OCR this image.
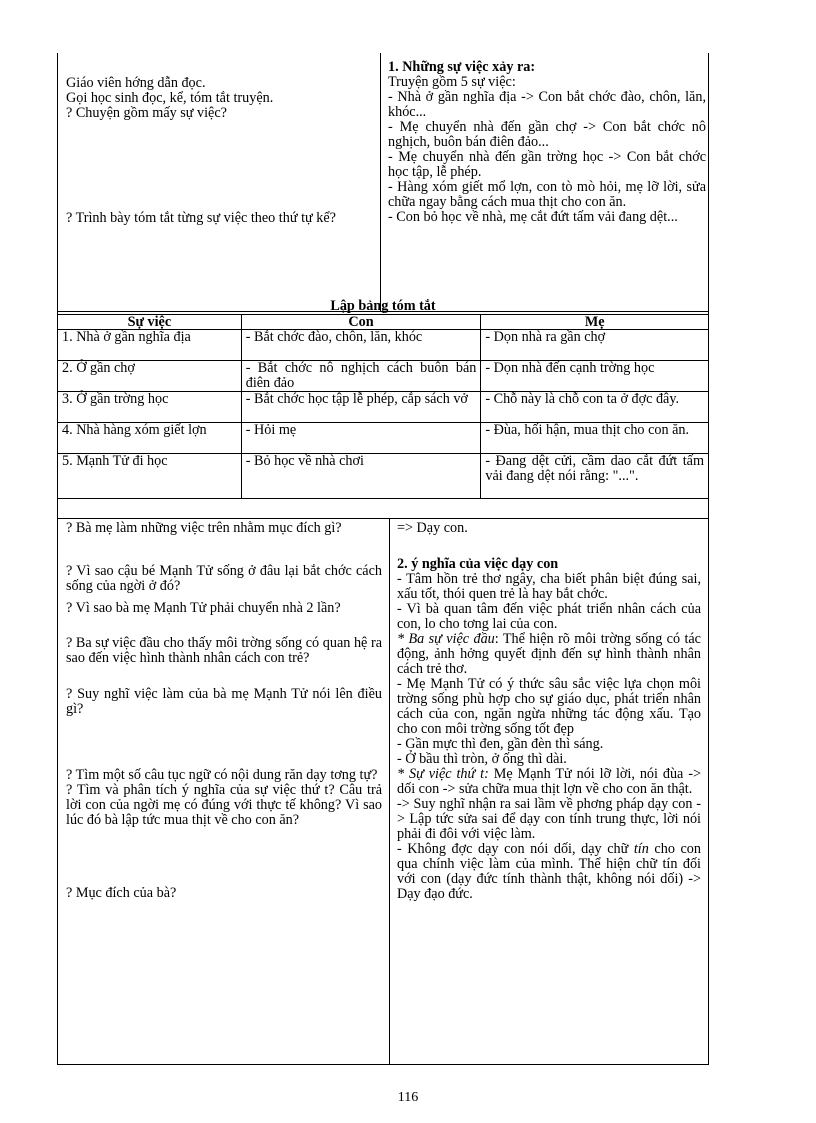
Giáo viên hớng dẫn đọc.

Gọi học sinh đọc, kể, tóm tắt truyện.

? Chuyện gồm mấy sự việc?

? Trình bày tóm tắt từng sự việc theo thứ tự kể?

1. Những sự việc xảy ra:

Truyện gồm 5 sự việc:

- Nhà ở gần nghĩa địa -> Con bắt chớc đào, chôn, lăn, khóc...

- Mẹ chuyển nhà đến gần chợ -> Con bắt chớc nô nghịch, buôn bán điên đảo...

- Mẹ chuyển nhà đến gần trờng học -> Con bắt chớc học tập, lễ phép.

- Hàng xóm giết mổ lợn, con tò mò hỏi, mẹ lỡ lời, sửa chữa ngay bằng cách mua thịt cho con ăn.

- Con bỏ học về nhà, mẹ cắt đứt tấm vải đang dệt...

Lập bảng tóm tắt
Sự việc	Con	Mẹ
1. Nhà ở gần nghĩa địa	- Bắt chớc đào, chôn, lăn, khóc	- Dọn nhà ra gần chợ
2. Ở gần chợ	- Bắt chớc nô nghịch cách buôn bán điên đảo	- Dọn nhà đến cạnh trờng học
3. Ở gần trờng học	- Bắt chớc học tập lễ phép, cắp sách vở	- Chỗ này là chỗ con ta ở đợc đây.
4. Nhà hàng xóm giết lợn	- Hỏi mẹ	- Đùa, hối hận, mua thịt cho con ăn.
5. Mạnh Tử đi học	- Bỏ học về nhà chơi	- Đang dệt cửi, cầm dao cắt đứt tấm vải đang dệt nói rằng: "...".

? Bà mẹ làm những việc trên nhằm mục đích gì?

? Vì sao cậu bé Mạnh Tử sống ở đâu lại bắt chớc cách sống của ngời ở đó?

? Vì sao bà mẹ Mạnh Tử phải chuyển nhà 2 lần?

? Ba sự việc đầu cho thấy môi trờng sống có quan hệ ra sao đến việc hình thành nhân cách con trẻ?

? Suy nghĩ việc làm của bà mẹ Mạnh Tử nói lên điều gì?

? Tìm một số câu tục ngữ có nội dung răn dạy tơng tự?

? Tìm và phân tích ý nghĩa của sự việc thứ t? Câu trả lời con của ngời mẹ có đúng với thực tế không? Vì sao lúc đó bà lập tức mua thịt về cho con ăn?

? Mục đích của bà?

=> Dạy con.

2. ý nghĩa của việc dạy con

- Tâm hồn trẻ thơ ngây, cha biết phân biệt đúng sai, xấu tốt, thói quen trẻ là hay bắt chớc.

- Vì bà quan tâm đến việc phát triển nhân cách của con, lo cho tơng lai của con.

* Ba sự việc đầu: Thể hiện rõ môi trờng sống có tác động, ảnh hởng quyết định đến sự hình thành nhân cách trẻ thơ.

- Mẹ Mạnh Tử có ý thức sâu sắc việc lựa chọn môi trờng sống phù hợp cho sự giáo dục, phát triển nhân cách của con, ngăn ngừa những tác động xấu. Tạo cho con môi trờng sống tốt đẹp

- Gần mực thì đen, gần đèn thì sáng.

- Ở bầu thì tròn, ở ống thì dài.

* Sự việc thứ t: Mẹ Mạnh Tử nói lỡ lời, nói đùa -> dối con -> sửa chữa mua thịt lợn về cho con ăn thật.

-> Suy nghĩ nhận ra sai lầm về phơng pháp dạy con -> Lập tức sửa sai để dạy con tính trung thực, lời nói phải đi đôi với việc làm.

- Không đợc dạy con nói dối, dạy chữ tín cho con qua chính việc làm của mình. Thể hiện chữ tín đối với con (dạy đức tính thành thật, không nói dối) -> Dạy đạo đức.

116
